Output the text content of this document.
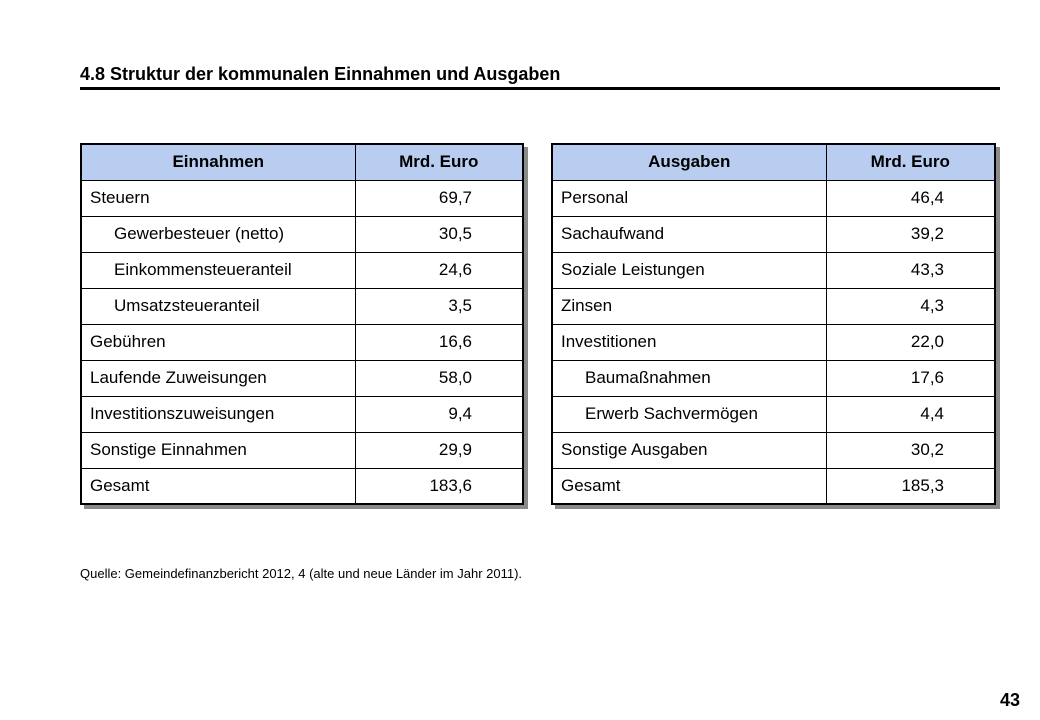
4.8 Struktur der kommunalen Einnahmen und Ausgaben
Einnahmen	Mrd. Euro
Steuern	69,7
Gewerbesteuer (netto)	30,5
Einkommensteueranteil	24,6
Umsatzsteueranteil	3,5
Gebühren	16,6
Laufende Zuweisungen	58,0
Investitionszuweisungen	9,4
Sonstige Einnahmen	29,9
Gesamt	183,6
Ausgaben	Mrd. Euro
Personal	46,4
Sachaufwand	39,2
Soziale Leistungen	43,3
Zinsen	4,3
Investitionen	22,0
Baumaßnahmen	17,6
Erwerb Sachvermögen	4,4
Sonstige Ausgaben	30,2
Gesamt	185,3
Quelle: Gemeindefinanzbericht 2012, 4 (alte und neue Länder im Jahr 2011).
43
